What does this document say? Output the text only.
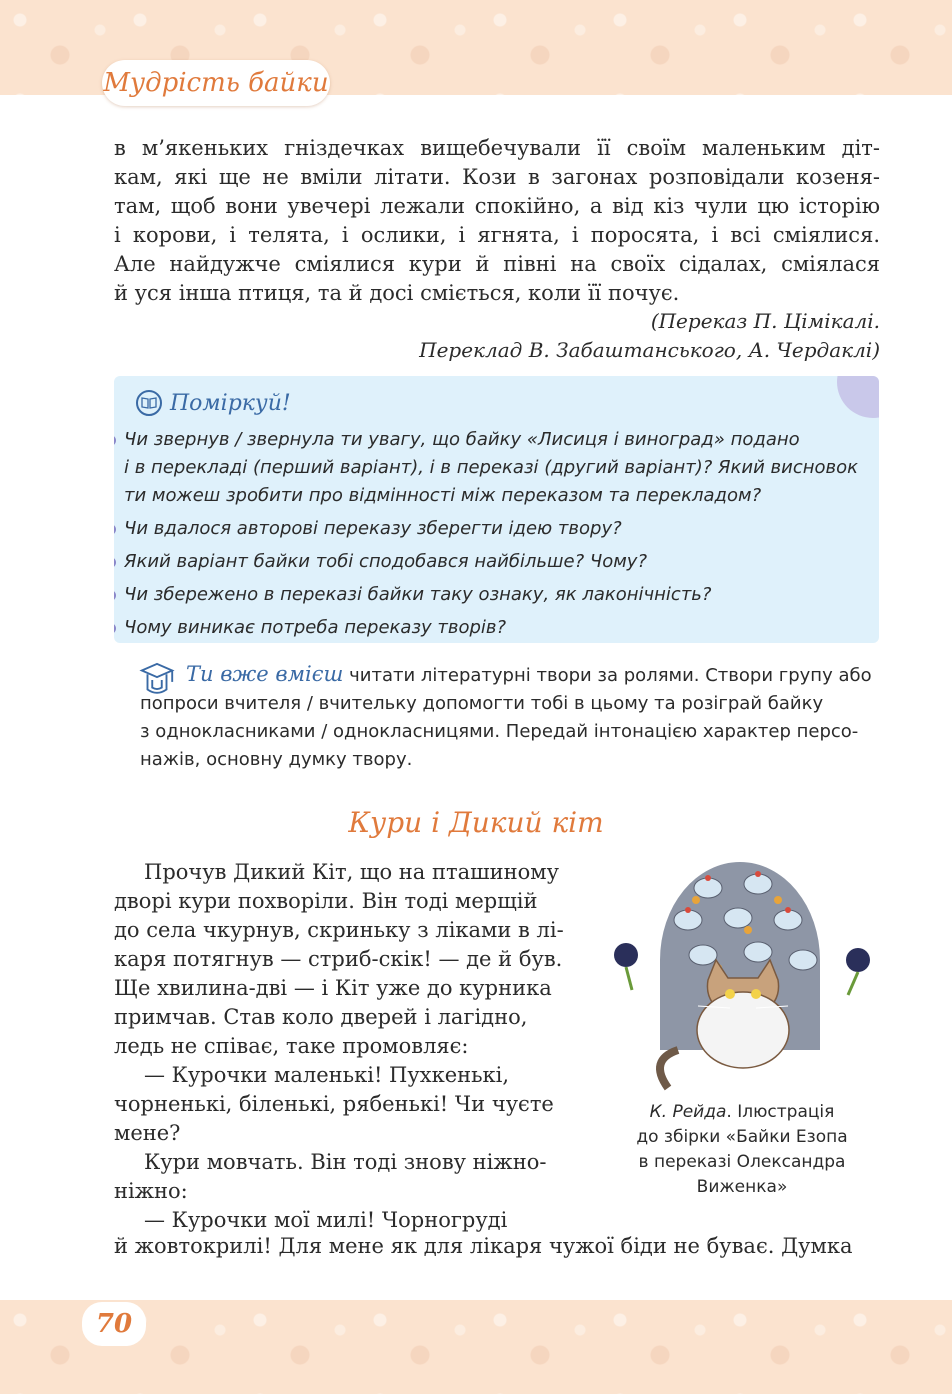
Мудрість байки
в м’якеньких гніздечках вищебечували її своїм маленьким діт-
кам, які ще не вміли літати. Кози в загонах розповідали козеня-
там, щоб вони увечері лежали спокійно, а від кіз чули цю історію
і корови, і телята, і ослики, і ягнята, і поросята, і всі сміялися.
Але найдужче сміялися кури й півні на своїх сідалах, сміялася
й уся інша птиця, та й досі сміється, коли її почує.
(Переказ П. Цімікалі.
Переклад В. Забаштанського, А. Чердаклі)
Поміркуй!
Чи звернув / звернула ти увагу, що байку «Лисиця і виноград» подано
і в перекладі (перший варіант), і в переказі (другий варіант)? Який висновок
ти можеш зробити про відмінності між переказом та перекладом?
Чи вдалося авторові переказу зберегти ідею твору?
Який варіант байки тобі сподобався найбільше? Чому?
Чи збережено в переказі байки таку ознаку, як лаконічність?
Чому виникає потреба переказу творів?
Ти вже вмієш читати літературні твори за ролями. Створи групу або
попроси вчителя / вчительку допомогти тобі в цьому та розіграй байку
з однокласниками / однокласницями. Передай інтонацією характер персо-
нажів, основну думку твору.
Кури і Дикий кіт
Прочув Дикий Кіт, що на пташиному
дворі кури похворіли. Він тоді мерщій
до села чкурнув, скриньку з ліками в лі-
каря потягнув — стриб-скік! — де й був.
Ще хвилина-дві — і Кіт уже до курника
примчав. Став коло дверей і лагідно,
ледь не співає, таке промовляє:
— Курочки маленькі! Пухкенькі,
чорненькі, біленькі, рябенькі! Чи чуєте
мене?
Кури мовчать. Він тоді знову ніжно-
ніжно:
— Курочки мої милі! Чорногруді
й жовтокрилі! Для мене як для лікаря чужої біди не буває. Думка
К. Рейда. Ілюстрація
до збірки «Байки Езопа
в переказі Олександра
Виженка»
70
